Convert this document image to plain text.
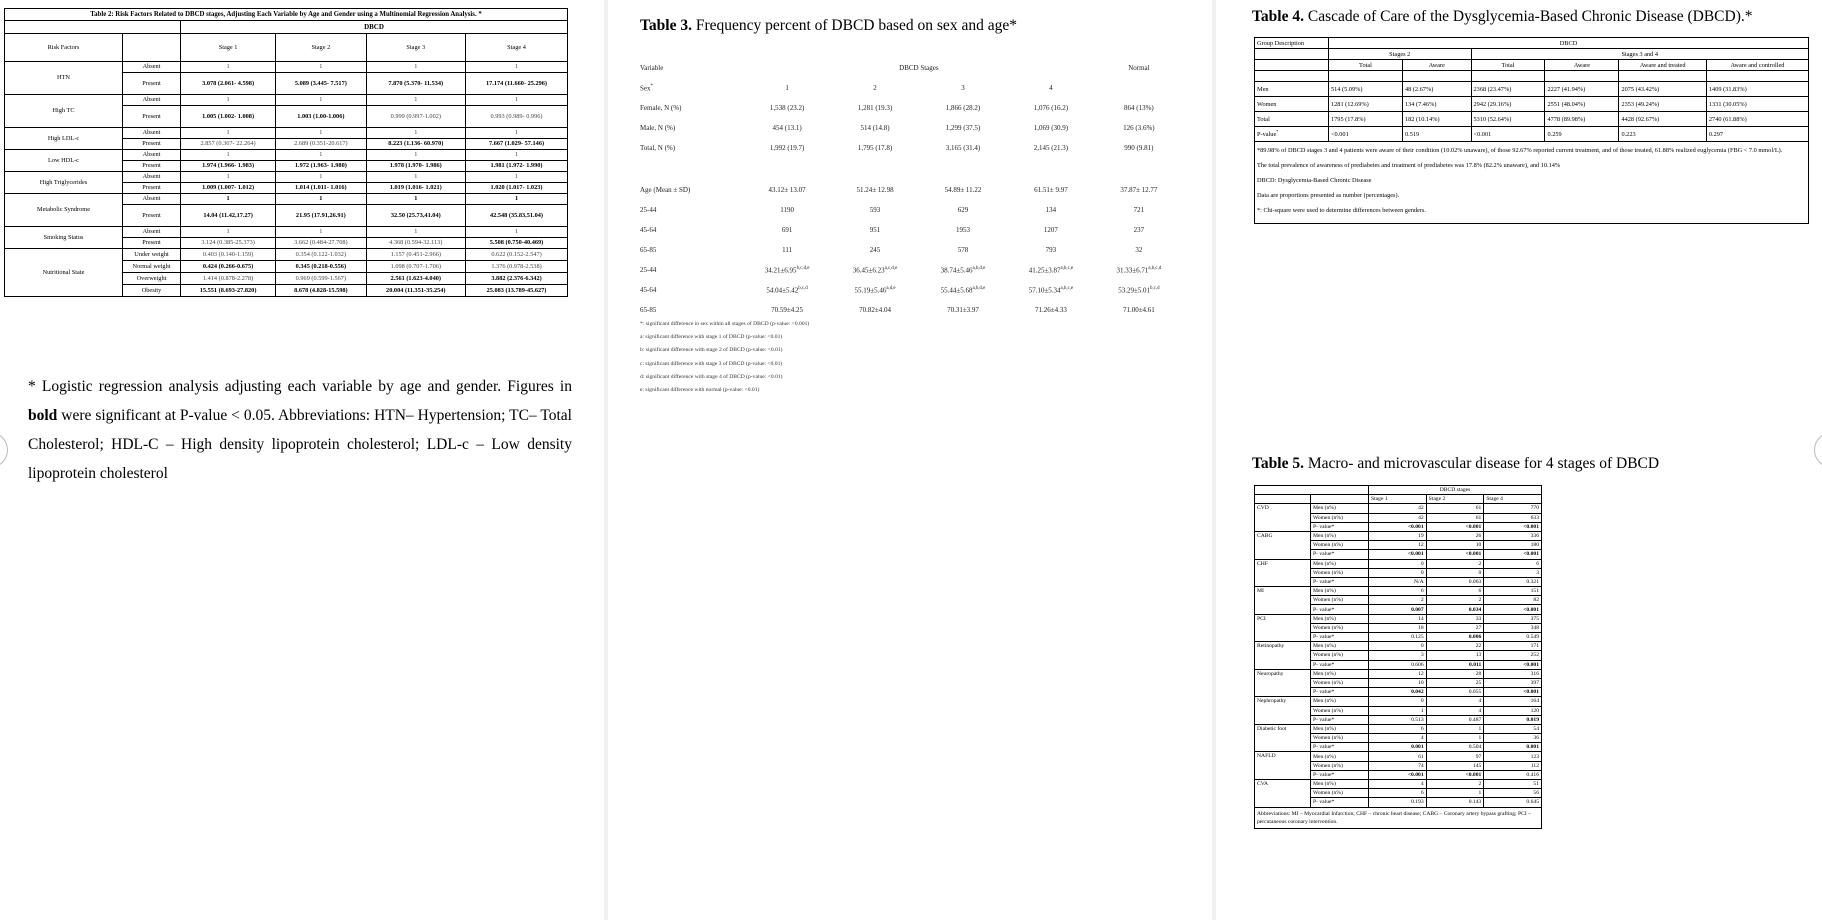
Table 2: Risk Factors Related to DBCD stages, Adjusting Each Variable by Age and Gender using a Multinomial Regression Analysis. *					
		DBCD			
Risk Factors		Stage 1	Stage 2	Stage 3	Stage 4
HTN	Absent	1	1	1	1
	Present	3.078 (2.061- 4.598)	5.089 (3.445- 7.517)	7.870 (5.370- 11.534)	17.174 (11.660- 25.296)
High TC	Absent	1	1	1	1
	Present	1.005 (1.002- 1.008)	1.003 (1.00-1.006)	0.999 (0.997-1.002)	0.993 (0.989- 0.996)
High LDL-c	Absent	1	1	1	1
	Present	2.857 (0.367- 22.264)	2.689 (0.351-20.617)	8.223 (1.136- 60.970)	7.667 (1.029- 57.146)
Low HDL-c	Absent	1	1	1	1
	Present	1.974 (1.966- 1.983)	1.972 (1.963- 1.980)	1.978 (1.970- 1.986)	1.981 (1.972- 1.990)
High Triglycerides	Absent	1	1	1	1
	Present	1.009 (1.007- 1.012)	1.014 (1.011- 1.016)	1.019 (1.016- 1.021)	1.020 (1.017- 1.023)
Metabolic Syndrome	Absent	1	1	1	1
	Present	14.04 (11.42,17.27)	21.95 (17.91,26.91)	32.50 (25.73,41.04)	42.548 (35.83,51.04)
Smoking Status	Absent	1	1	1	1
	Present	3.124 (0.385-25.373)	3.662 (0.484-27.708)	4.368 (0.594-32.113)	5.508 (0.750-40.469)
Nutritional State	Under weight	0.403 (0.140-1.159)	0.354 (0.122-1.032)	1.157 (0.451-2.966)	0.622 (0.152-2.547)
	Normal weight	0.424 (0.266-0.675)	0.345 (0.218-0.556)	1.098 (0.707-1.706)	1.376 (0.978-2.538)
	Overweight	1.414 (0.878-2.278)	0.969 (0.599-1.567)	2.561 (1.623-4.040)	3.882 (2.376-6.342)
	Obesity	15.551 (8.693-27.820)	8.678 (4.828-15.598)	20.004 (11.351-35.254)	25.083 (13.789-45.627)

* Logistic regression analysis adjusting each variable by age and gender. Figures in bold were significant at P-value < 0.05. Abbreviations: HTN– Hypertension; TC– Total Cholesterol; HDL-C – High density lipoprotein cholesterol; LDL-c – Low density lipoprotein cholesterol

Table 3. Frequency percent of DBCD based on sex and age*
Variable	DBCD Stages				Normal
Sex*	1	2	3	4	
Female, N (%)	1,538 (23.2)	1,281 (19.3)	1,866 (28.2)	1,076 (16.2)	864 (13%)
Male, N (%)	454 (13.1)	514 (14.8)	1,299 (37.5)	1,069 (30.9)	126 (3.6%)
Total, N (%)	1,992 (19.7)	1,795 (17.8)	3,165 (31.4)	2,145 (21.3)	990 (9.81)

Age (Mean ± SD)	43.12± 13.07	51.24± 12.98	54.89± 11.22	61.51± 9.97	37.87± 12.77
25-44	1190	593	629	134	721
45-64	691	951	1953	1207	237
65-85	111	245	578	793	32
25-44	$34.21\pm 6.95^{b,c,d,e}$	$36.45\pm 6.23^{a,c,d,e}$	$38.74\pm 5.46^{a,b,d,e}$	$41.25\pm 3.87^{a,b,c,e}$	$31.33\pm 6.71^{a,b,c,d}$
45-64	$54.04\pm 5.42^{b,c,d}$	$55.19\pm 5.46^{a,d,e}$	$55.44\pm 5.68^{a,b,d,e}$	$57.10\pm 5.34^{a,b,c,e}$	$53.29\pm 5.01^{b,c,d}$
65-85	70.59±4.25	70.82±4.04	70.31±3.97	71.26±4.33	71.00±4.61
*: significant difference in sex within all stages of DBCD (p-value: <0.001)
a: significant difference with stage 1 of DBCD (p-value: <0.01)
b: significant difference with stage 2 of DBCD (p-value: <0.01)
c: significant difference with stage 3 of DBCD (p-value: <0.01)
d: significant difference with stage 4 of DBCD (p-value: <0.01)
e: significant difference with normal (p-value: <0.01)
Table 4. Cascade of Care of the Dysglycemia-Based Chronic Disease (DBCD).*
Group Description	DBCD					
	Stages 2		Stages 3 and 4			
	Total	Aware	Total	Aware	Aware and treated	Aware and controlled

Men	514 (5.09%)	48 (2.67%)	2368 (23.47%)	2227 (41.94%)	2075 (43.42%)	1409 (31.83%)
Women	1281 (12.69%)	134 (7.46%)	2942 (29.16%)	2551 (48.04%)	2353 (49.24%)	1331 (30.05%)
Total	1795 (17.8%)	182 (10.14%)	5310 (52.64%)	4778 (89.98%)	4428 (92.67%)	2740 (61.88%)
P-value*	<0.001	0.519	<0.001	0.259	0.223	0.297

*89.98% of DBCD stages 3 and 4 patients were aware of their condition (10.02% unaware), of those 92.67% reported current treatment, and of those treated, 61.88% realized euglycemia (FBG < 7.0 mmol/L).
The total prevalence of awareness of prediabetes and treatment of prediabetes was 17.8% (82.2% unaware), and 10.14%
DBCD: Dysglycemia-Based Chronic Disease
Data are proportions presented as number (percentages).
*: Chi-square were used to determine differences between genders.						
Table 5. Macro- and microvascular disease for 4 stages of DBCD
		DBCD stages		
		Stage 1	Stage 2	Stage 4
CVD	Men (n%)	42	61	770
	Women (n%)	42	61	633
	P- value*	<0.001	<0.001	<0.001
CABG	Men (n%)	19	26	336
	Women (n%)	12	10	180
	P- value*	<0.001	<0.001	<0.001
CHF	Men (n%)	0	2	6
	Women (n%)	0	0	3
	P- value*	N/A	0.063	0.321
MI	Men (n%)	6	6	151
	Women (n%)	2	2	82
	P- value*	0.007	0.034	<0.001
PCI	Men (n%)	14	33	375
	Women (n%)	18	27	348
	P- value*	0.125	0.006	0.549
Retinopathy	Men (n%)	0	22	171
	Women (n%)	3	13	252
	P- value*	0.606	0.011	<0.001
Neuropathy	Men (n%)	12	28	316
	Women (n%)	10	25	397
	P- value*	0.042	0.055	<0.001
Nephropathy	Men (n%)	0	4	164
	Women (n%)	1	4	120
	P- value*	0.513	0.487	0.019
Diabetic foot	Men (n%)	6	1	54
	Women (n%)	4	1	36
	P- value*	0.001	0.504	0.001
NAFLD	Men (n%)	61	97	123
	Women (n%)	74	145	112
	P- value*	<0.001	<0.001	0.416
CVA	Men (n%)	4	2	51
	Women (n%)	6	1	56
	P- value*	0.193	0.143	0.645
Abbreviations: MI – Myocardial Infarction; CHF – chronic heart disease; CABG – Coronary artery bypass grafting; PCI – percutaneous coronary intervention.				
